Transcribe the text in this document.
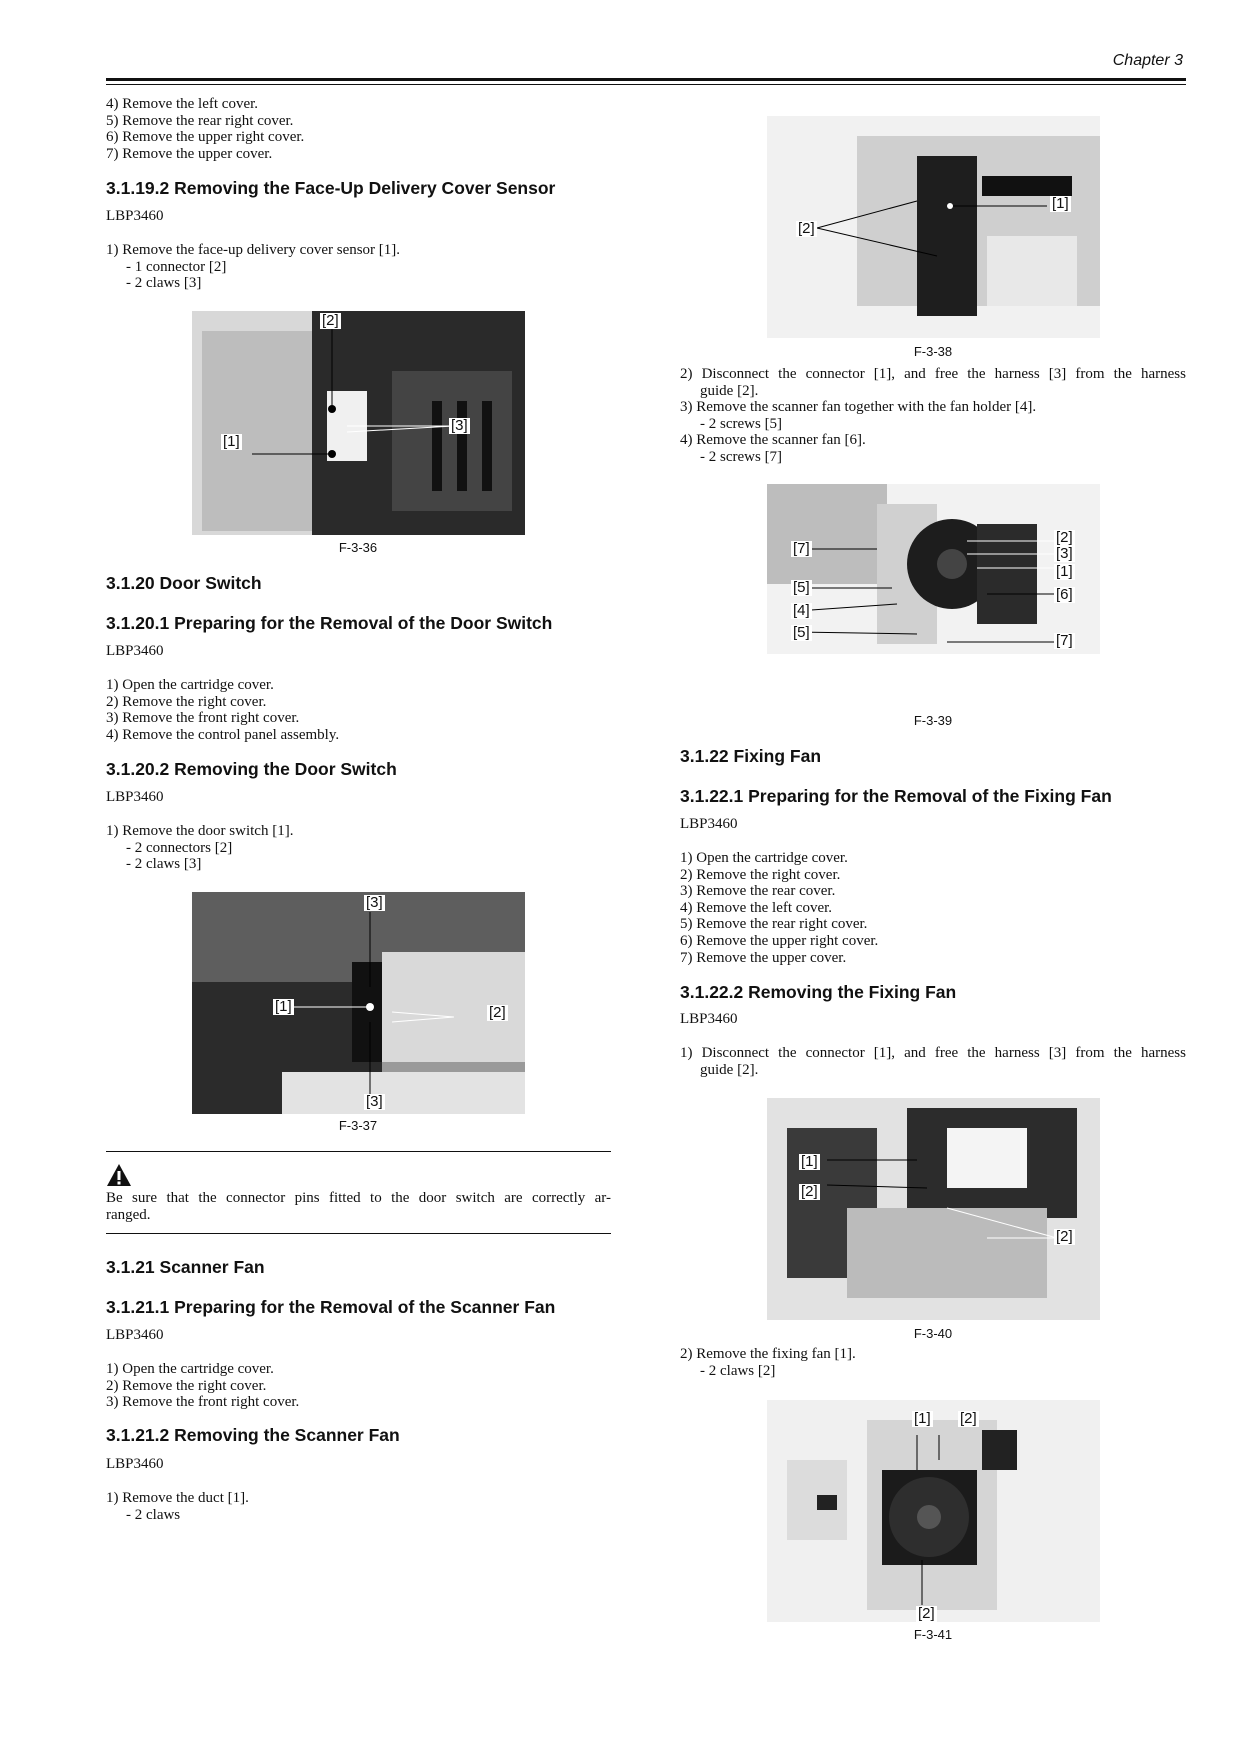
Chapter 3

4) Remove the left cover.

5) Remove the rear right cover.

6) Remove the upper right cover.

7) Remove the upper cover.

3.1.19.2 Removing the Face-Up Delivery Cover Sensor
LBP3460

1) Remove the face-up delivery cover sensor [1].

- 1 connector [2]

- 2 claws [3]

[2]
[1]
[3]
F-3-36
3.1.20 Door Switch
3.1.20.1 Preparing for the Removal of the Door Switch
LBP3460

1) Open the cartridge cover.

2) Remove the right cover.

3) Remove the front right cover.

4) Remove the control panel assembly.

3.1.20.2 Removing the Door Switch
LBP3460

1) Remove the door switch [1].

- 2 connectors [2]

- 2 claws [3]

[3]
[1]	[2]
[3]
F-3-37
Be sure that the connector pins fitted to the door switch are correctly ar-
ranged.
3.1.21 Scanner Fan
3.1.21.1 Preparing for the Removal of the Scanner Fan
LBP3460

1) Open the cartridge cover.

2) Remove the right cover.

3) Remove the front right cover.

3.1.21.2 Removing the Scanner Fan
LBP3460

1) Remove the duct [1].

- 2 claws

[1]
[2]
F-3-38

2) Disconnect the connector [1], and free the harness [3] from the harness

guide [2].

3) Remove the scanner fan together with the fan holder [4].

- 2 screws [5]

4) Remove the scanner fan [6].

- 2 screws [7]

[7]
[5]
[4]
[5]
[2]
[3]
[1]
[6]
[7]
F-3-39
3.1.22 Fixing Fan
3.1.22.1 Preparing for the Removal of the Fixing Fan
LBP3460

1) Open the cartridge cover.

2) Remove the right cover.

3) Remove the rear cover.

4) Remove the left cover.

5) Remove the rear right cover.

6) Remove the upper right cover.

7) Remove the upper cover.

3.1.22.2 Removing the Fixing Fan
LBP3460

1) Disconnect the connector [1], and free the harness [3] from the harness

guide [2].

[1]
[2]
[2]
F-3-40

2) Remove the fixing fan [1].

- 2 claws [2]

[1] [2]
[2]
F-3-41
